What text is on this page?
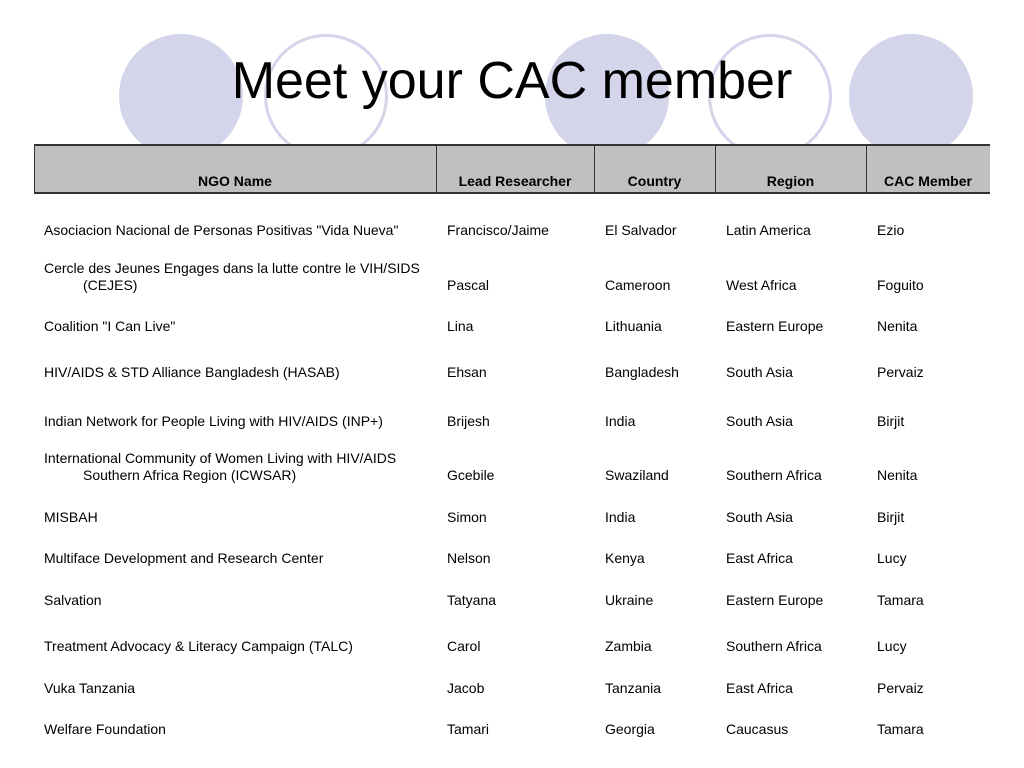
Meet your CAC member
NGO Name	Lead Researcher	Country	Region	CAC Member
Asociacion Nacional de Personas Positivas "Vida Nueva"	Francisco/Jaime	El Salvador	Latin America	Ezio
Cercle des Jeunes Engages dans la lutte contre le VIH/SIDS
(CEJES)	Pascal	Cameroon	West Africa	Foguito
Coalition "I Can Live"	Lina	Lithuania	Eastern Europe	Nenita
HIV/AIDS & STD Alliance Bangladesh (HASAB)	Ehsan	Bangladesh	South Asia	Pervaiz
Indian Network for People Living with HIV/AIDS (INP+)	Brijesh	India	South Asia	Birjit
International Community of Women Living with HIV/AIDS
Southern Africa Region (ICWSAR)	Gcebile	Swaziland	Southern Africa	Nenita
MISBAH	Simon	India	South Asia	Birjit
Multiface Development and Research Center	Nelson	Kenya	East Africa	Lucy
Salvation	Tatyana	Ukraine	Eastern Europe	Tamara
Treatment Advocacy & Literacy Campaign (TALC)	Carol	Zambia	Southern Africa	Lucy
Vuka Tanzania	Jacob	Tanzania	East Africa	Pervaiz
Welfare Foundation	Tamari	Georgia	Caucasus	Tamara
